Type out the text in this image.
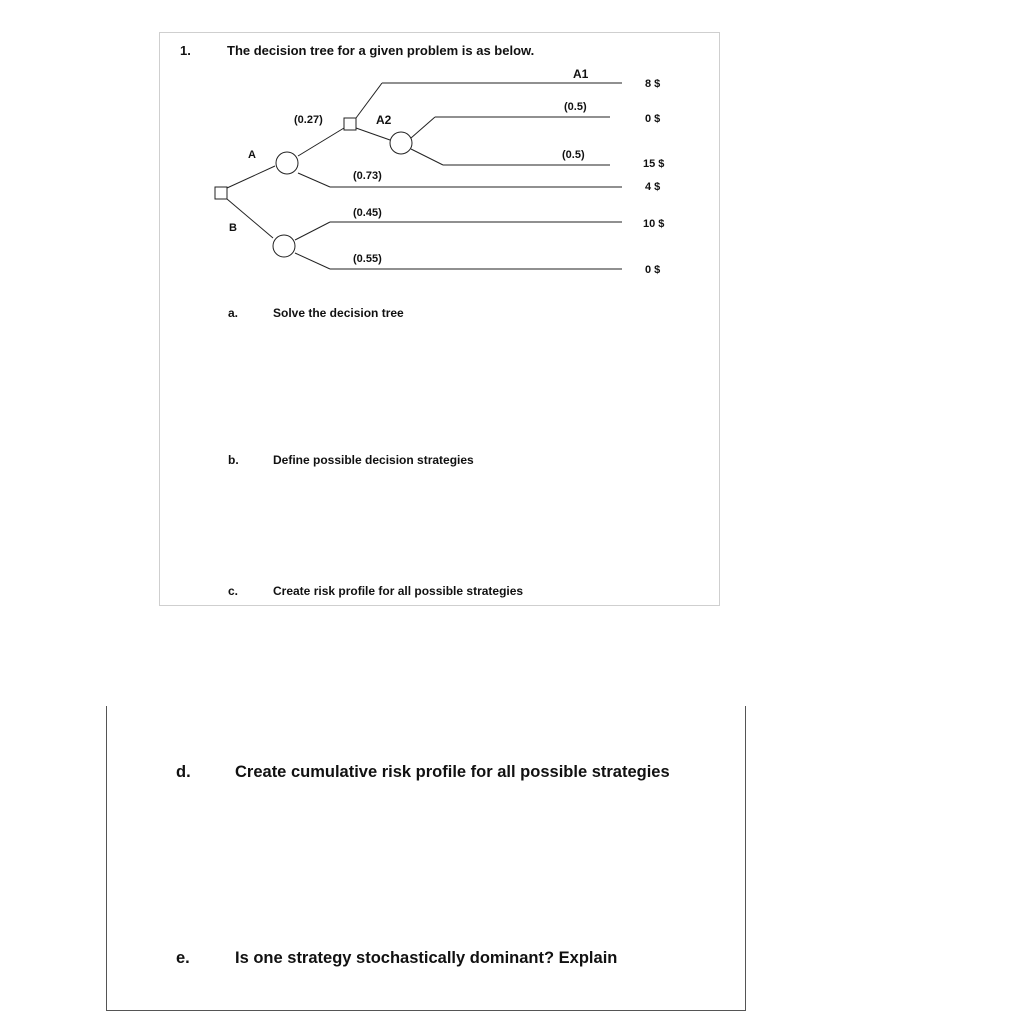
1.	The decision tree for a given problem is as below.
A
B
A1
A2
(0.27)
(0.73)
(0.5)
(0.5)
(0.45)
(0.55)
8 $
0 $
15 $
4 $
10 $
0 $
a.	Solve the decision tree
b.	Define possible decision strategies
c.	Create risk profile for all possible strategies
d.	Create cumulative risk profile for all possible strategies
e.	Is one strategy stochastically dominant? Explain
